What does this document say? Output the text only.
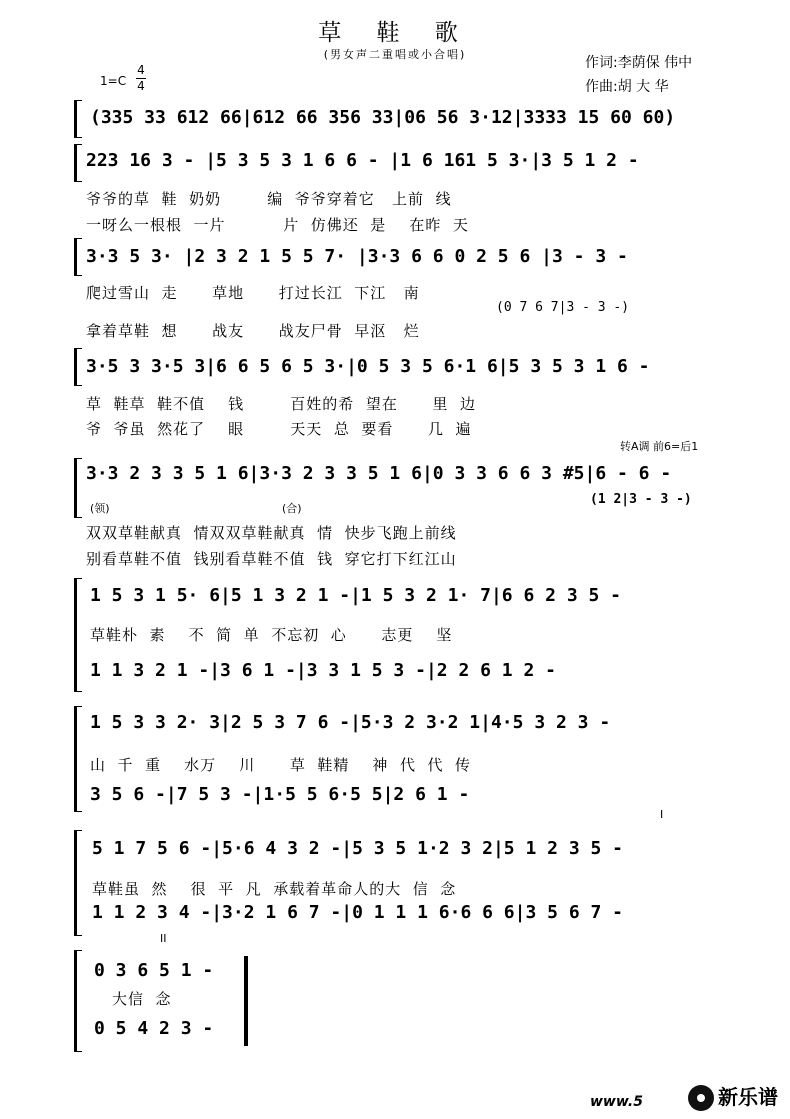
草 鞋 歌
(男女声二重唱或小合唱)
作词:李荫保 伟中
作曲:胡 大 华
1=C
4
4
(335 33 612 66|612 66 356 33|06 56 3·12|3333 15 60 60)
223 16 3 - |5 3 5 3 1 6 6 - |1 6 161 5 3·|3 5 1 2 -
爷爷的草  鞋  奶奶        编  爷爷穿着它   上前  线
一呀么一根根  一片          片  仿佛还  是    在昨  天
3·3 5 3· |2 3 2 1 5 5 7· |3·3 6 6 0 2 5 6 |3 - 3 -
爬过雪山  走      草地      打过长江  下江   南
拿着草鞋  想      战友      战友尸骨  早沤   烂
(0 7 6 7|3 - 3 -)
3·5 3 3·5 3|6 6 5 6 5 3·|0 5 3 5 6·1 6|5 3 5 3 1 6 -
草  鞋草  鞋不值    钱        百姓的希  望在      里  边
爷  爷虽  然花了    眼        天天  总  要看      几  遍
转A调 前6=后1
3·3 2 3 3 5 1 6|3·3 2 3 3 5 1 6|0 3 3 6 6 3 #5|6 - 6 -
(领)	(合)
(1 2|3 - 3 -)
双双草鞋献真  情双双草鞋献真  情  快步飞跑上前线
别看草鞋不值  钱别看草鞋不值  钱  穿它打下红江山
1 5 3 1 5· 6|5 1 3 2 1 -|1 5 3 2 1· 7|6 6 2 3 5 -
草鞋朴  素    不  简  单  不忘初  心      志更    坚
1 1 3 2 1 -|3 6 1 -|3 3 1 5 3 -|2 2 6 1 2 -
1 5 3 3 2· 3|2 5 3 7 6 -|5·3 2 3·2 1|4·5 3 2 3 -
山  千  重    水万    川      草  鞋精    神  代  代  传
3 5 6 -|7 5 3 -|1·5 5 6·5 5|2 6 1 -
I
5 1 7 5 6 -|5·6 4 3 2 -|5 3 5 1·2 3 2|5 1 2 3 5 -
草鞋虽  然    很  平  凡  承载着革命人的大  信  念
1 1 2 3 4 -|3·2 1 6 7 -|0 1 1 1 6·6 6 6|3 5 6 7 -
II
0 3 6 5 1 -
大信  念
0 5 4 2 3 -
www.5	新乐谱
